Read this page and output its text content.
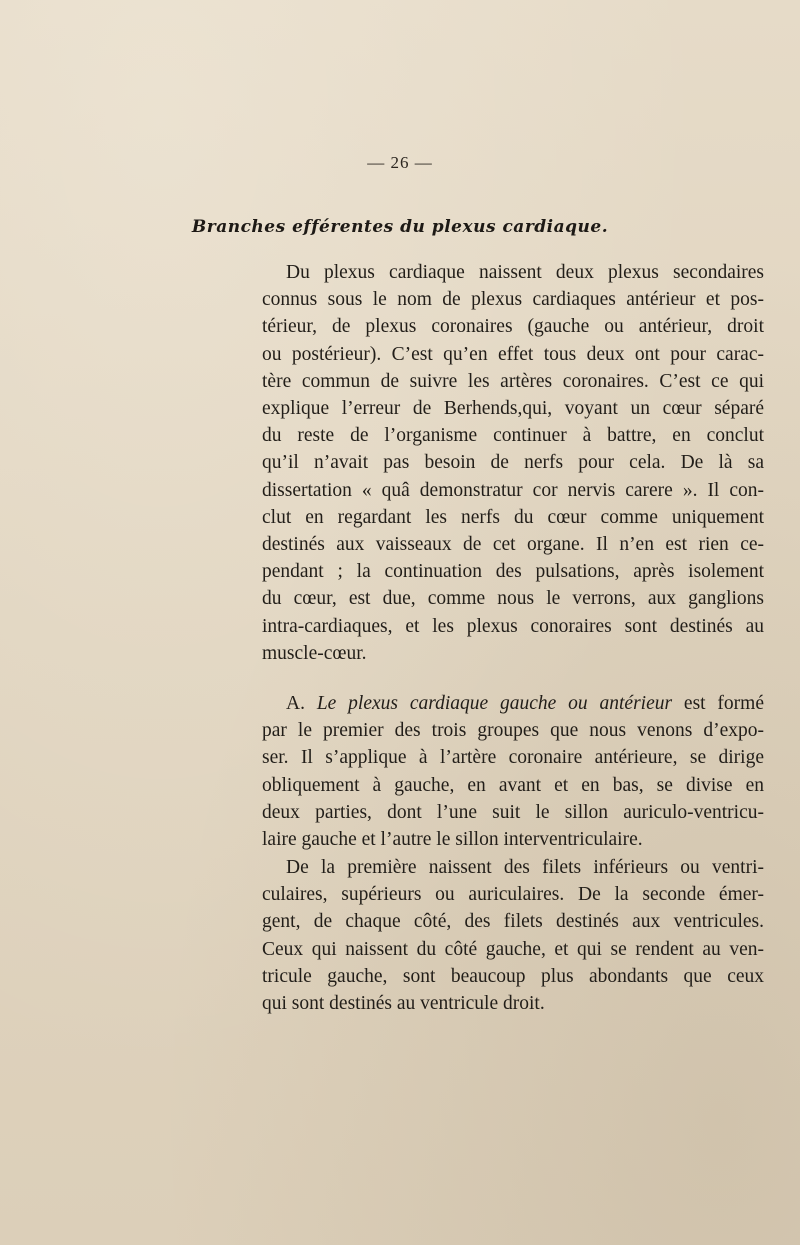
— 26 —
Branches efférentes du plexus cardiaque.
Du plexus cardiaque naissent deux plexus secondaires
connus sous le nom de plexus cardiaques antérieur et pos-
térieur, de plexus coronaires (gauche ou antérieur, droit
ou postérieur). C’est qu’en effet tous deux ont pour carac-
tère commun de suivre les artères coronaires. C’est ce qui
explique l’erreur de Berhends,qui, voyant un cœur séparé
du reste de l’organisme continuer à battre, en conclut
qu’il n’avait pas besoin de nerfs pour cela. De là sa
dissertation « quâ demonstratur cor nervis carere ». Il con-
clut en regardant les nerfs du cœur comme uniquement
destinés aux vaisseaux de cet organe. Il n’en est rien ce-
pendant ; la continuation des pulsations, après isolement
du cœur, est due, comme nous le verrons, aux ganglions
intra-cardiaques, et les plexus conoraires sont destinés au
muscle-cœur.
A. Le plexus cardiaque gauche ou antérieur est formé
par le premier des trois groupes que nous venons d’expo-
ser. Il s’applique à l’artère coronaire antérieure, se dirige
obliquement à gauche, en avant et en bas, se divise en
deux parties, dont l’une suit le sillon auriculo-ventricu-
laire gauche et l’autre le sillon interventriculaire.
De la première naissent des filets inférieurs ou ventri-
culaires, supérieurs ou auriculaires. De la seconde émer-
gent, de chaque côté, des filets destinés aux ventricules.
Ceux qui naissent du côté gauche, et qui se rendent au ven-
tricule gauche, sont beaucoup plus abondants que ceux
qui sont destinés au ventricule droit.
